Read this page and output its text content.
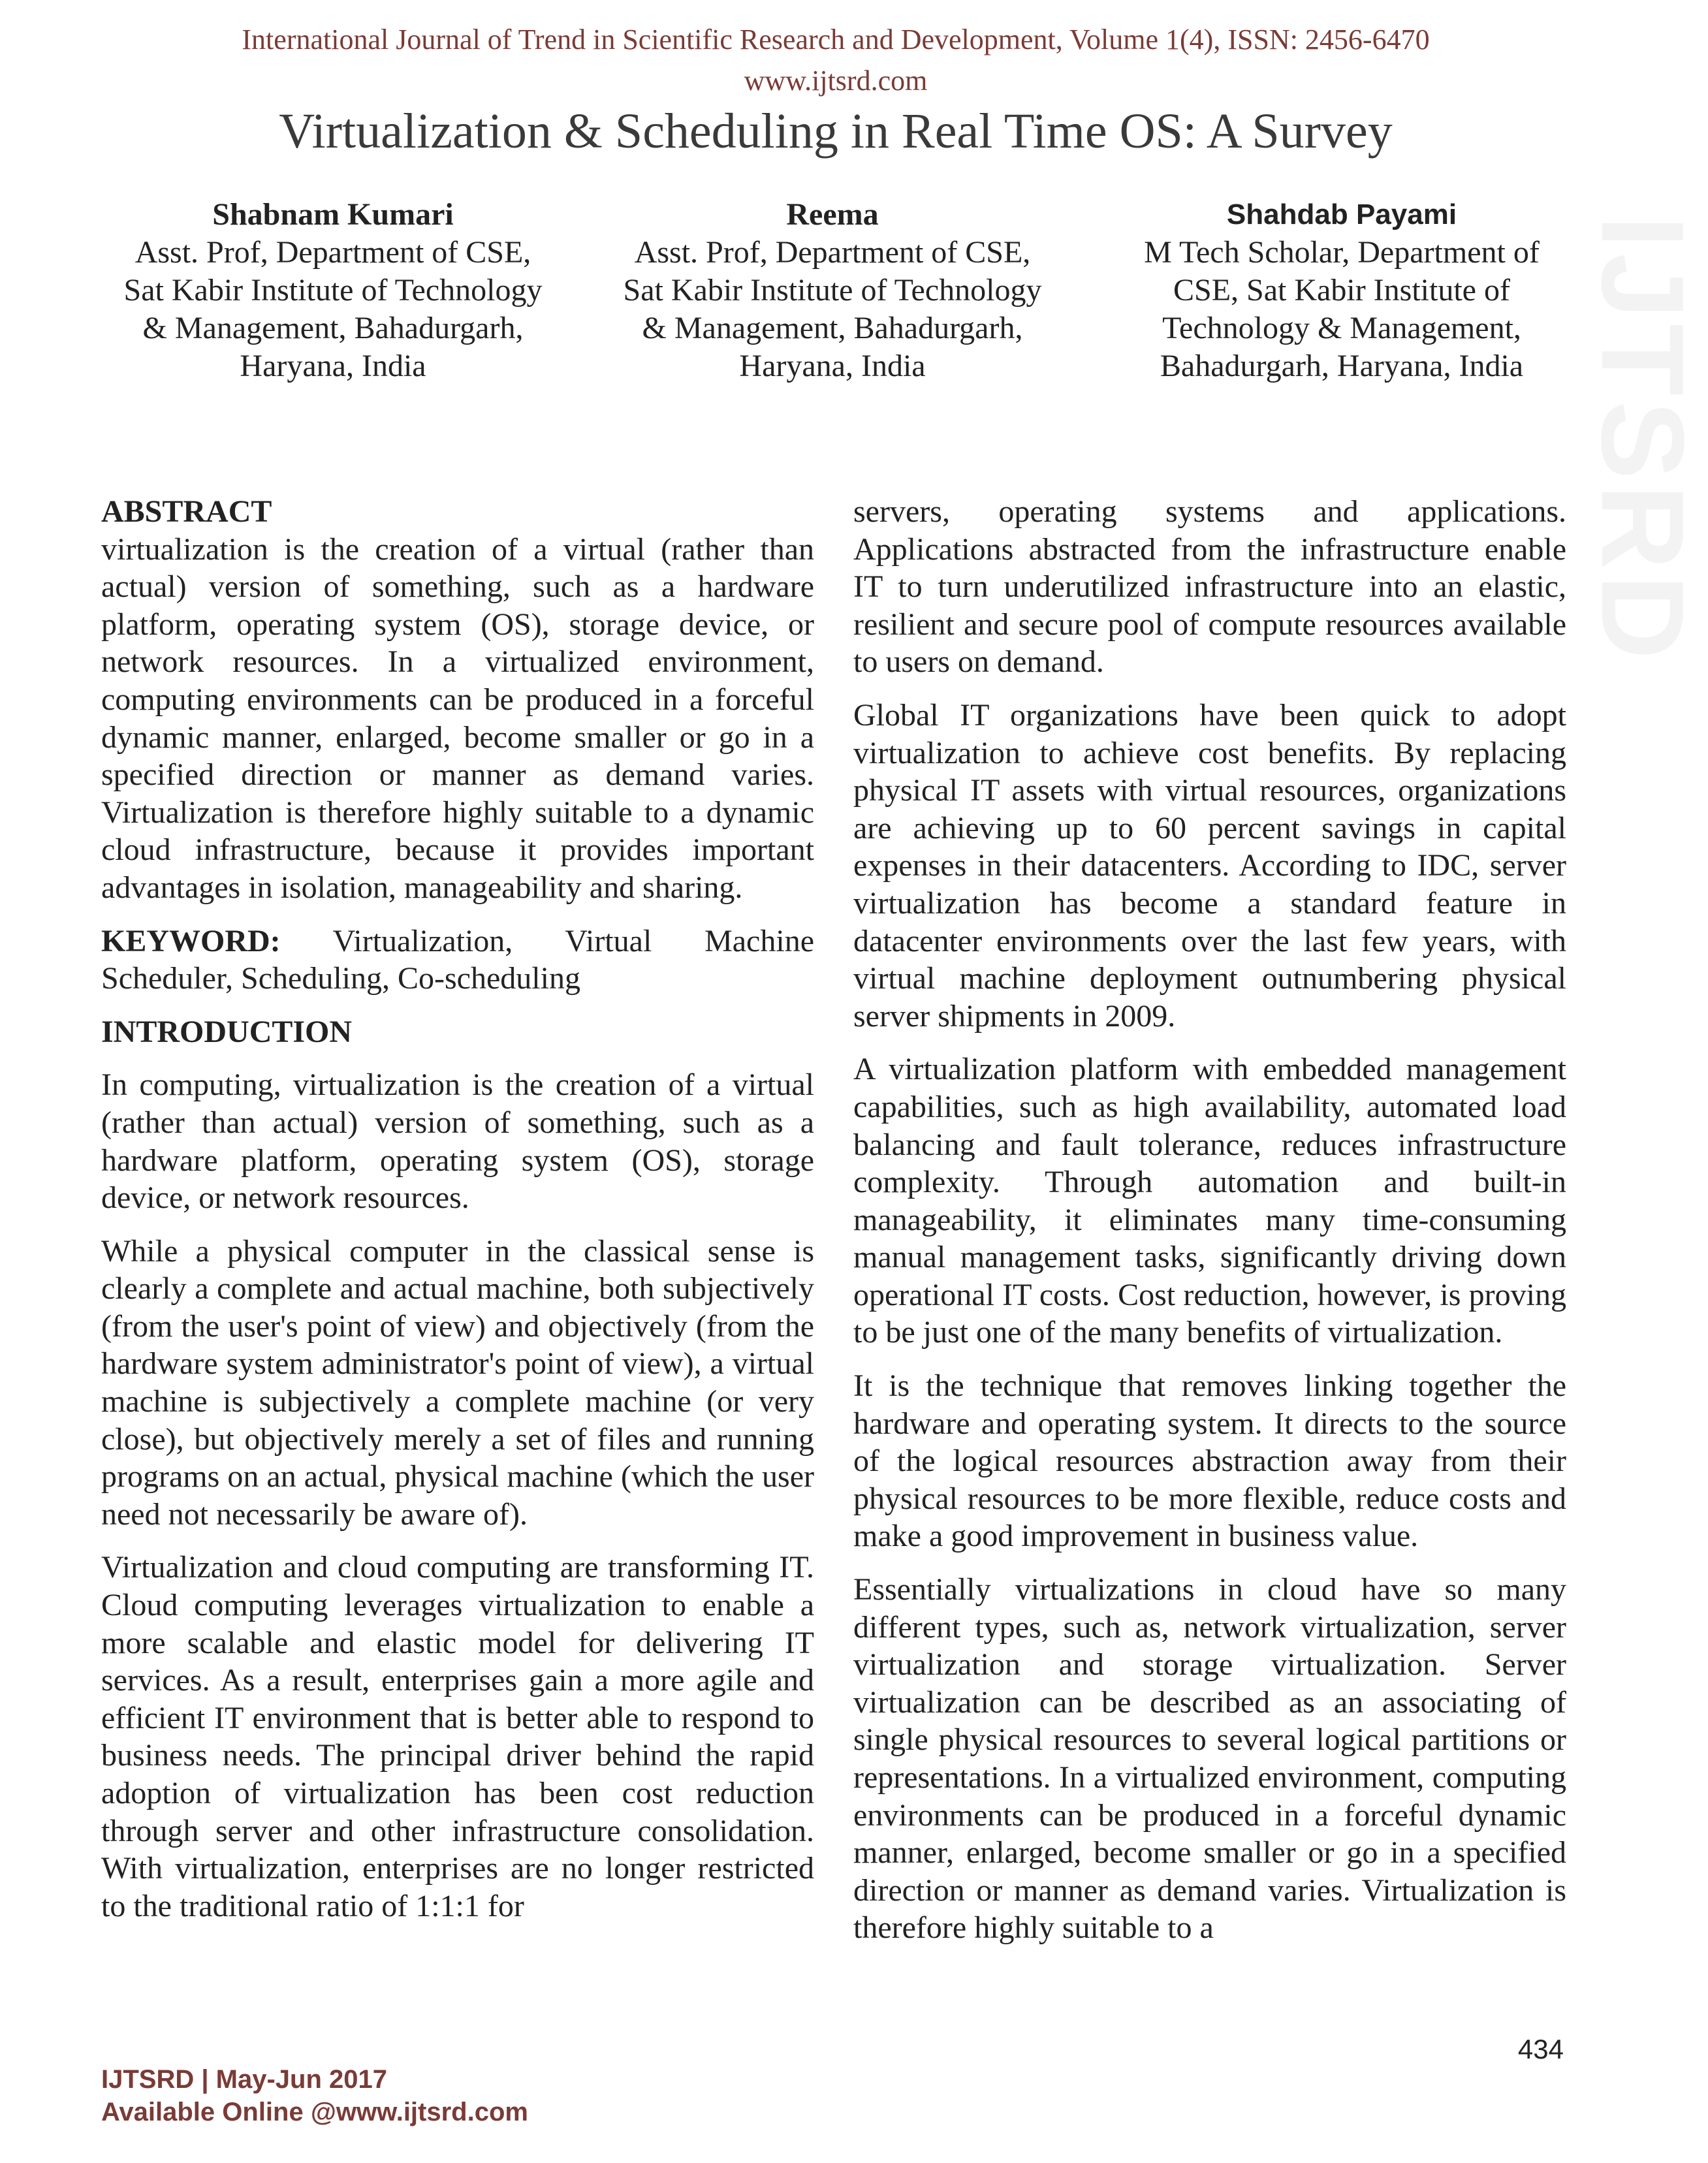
IJTSRD
International Journal of Trend in Scientific Research and Development, Volume 1(4), ISSN: 2456-6470
www.ijtsrd.com
Virtualization & Scheduling in Real Time OS: A Survey
Shabnam Kumari
Asst. Prof, Department of CSE,
Sat Kabir Institute of Technology
& Management, Bahadurgarh,
Haryana, India
Reema
Asst. Prof, Department of CSE,
Sat Kabir Institute of Technology
& Management, Bahadurgarh,
Haryana, India
Shahdab Payami
M Tech Scholar, Department of
CSE, Sat Kabir Institute of
Technology & Management,
Bahadurgarh, Haryana, India

ABSTRACT

virtualization is the creation of a virtual (rather than actual) version of something, such as a hardware platform, operating system (OS), storage device, or network resources. In a virtualized environment, computing environments can be produced in a forceful dynamic manner, enlarged, become smaller or go in a specified direction or manner as demand varies. Virtualization is therefore highly suitable to a dynamic cloud infrastructure, because it provides important advantages in isolation, manageability and sharing.

KEYWORD: Virtualization, Virtual Machine Scheduler, Scheduling, Co-scheduling

INTRODUCTION

In computing, virtualization is the creation of a virtual (rather than actual) version of something, such as a hardware platform, operating system (OS), storage device, or network resources.

While a physical computer in the classical sense is clearly a complete and actual machine, both subjectively (from the user's point of view) and objectively (from the hardware system administrator's point of view), a virtual machine is subjectively a complete machine (or very close), but objectively merely a set of files and running programs on an actual, physical machine (which the user need not necessarily be aware of).

Virtualization and cloud computing are transforming IT. Cloud computing leverages virtualization to enable a more scalable and elastic model for delivering IT services. As a result, enterprises gain a more agile and efficient IT environment that is better able to respond to business needs. The principal driver behind the rapid adoption of virtualization has been cost reduction through server and other infrastructure consolidation. With virtualization, enterprises are no longer restricted to the traditional ratio of 1:1:1 for

servers, operating systems and applications. Applications abstracted from the infrastructure enable IT to turn underutilized infrastructure into an elastic, resilient and secure pool of compute resources available to users on demand.

Global IT organizations have been quick to adopt virtualization to achieve cost benefits. By replacing physical IT assets with virtual resources, organizations are achieving up to 60 percent savings in capital expenses in their datacenters. According to IDC, server virtualization has become a standard feature in datacenter environments over the last few years, with virtual machine deployment outnumbering physical server shipments in 2009.

A virtualization platform with embedded management capabilities, such as high availability, automated load balancing and fault tolerance, reduces infrastructure complexity. Through automation and built-in manageability, it eliminates many time-consuming manual management tasks, significantly driving down operational IT costs. Cost reduction, however, is proving to be just one of the many benefits of virtualization.

It is the technique that removes linking together the hardware and operating system. It directs to the source of the logical resources abstraction away from their physical resources to be more flexible, reduce costs and make a good improvement in business value.

Essentially virtualizations in cloud have so many different types, such as, network virtualization, server virtualization and storage virtualization. Server virtualization can be described as an associating of single physical resources to several logical partitions or representations. In a virtualized environment, computing environments can be produced in a forceful dynamic manner, enlarged, become smaller or go in a specified direction or manner as demand varies. Virtualization is therefore highly suitable to a

434
IJTSRD | May-Jun 2017
Available Online @www.ijtsrd.com
